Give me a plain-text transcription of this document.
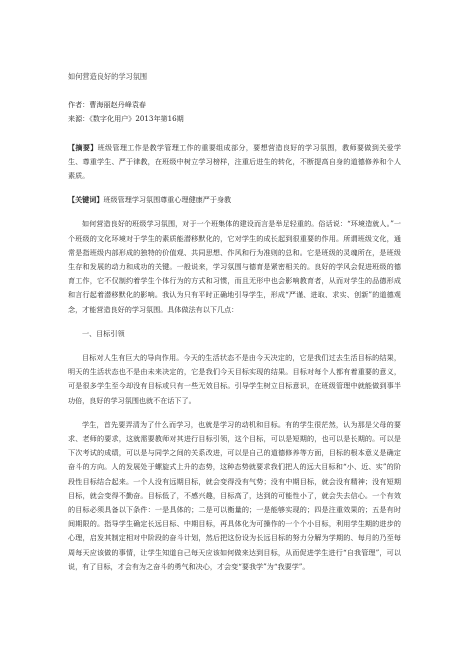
如何营造良好的学习氛围

作者：曹海丽赵丹峰袁春

来源：《数字化用户》2013年第16期

【摘要】班级管理工作是教学管理工作的重要组成部分，要想营造良好的学习氛围，教师要做到关爱学生、尊重学生、严于律教，在班级中树立学习榜样，注重后进生的转化，不断提高自身的道德修养和个人素质。

【关键词】班级管理学习氛围尊重心理健康严于身教

如何营造良好的班级学习氛围，对于一个班集体的建设而言是举足轻重的。俗话说：“环境造就人。”一个班级的文化环境对于学生的素质能潜移默化的，它对学生的成长起到很重要的作用。所谓班级文化，通常是指班级内部形成的独特的价值观、共同思想、作风和行为准则的总和。它是班级的灵魂所在，是班级生存和发展的动力和成功的关键。一般说来，学习氛围与德育是紧密相关的。良好的学风会促进班级的德育工作，它不仅制约着学生个体行为的方式和习惯，而且无形中也会影响教育者，从而对学生的品德形成和言行起着潜移默化的影响。我认为只有平时正确地引导学生，形成“严谨、进取、求实、创新”的道德观念，才能营造良好的学习氛围。具体做法有以下几点：

一、目标引领

目标对人生有巨大的导向作用。今天的生活状态不是由今天决定的，它是我们过去生活目标的结果，明天的生活状态也不是由未来决定的，它是我们今天目标实现的结果。目标对每个人都有着重要的意义，可是很多学生至今却没有目标或只有一些无效目标。引导学生树立目标意识，在班级管理中就能做到事半功倍，良好的学习氛围也就不在话下了。

学生，首先要弄清为了什么而学习，也就是学习的动机和目标。有的学生很茫然，认为那是父母的要求、老师的要求，这就需要教师对其进行目标引领，这个目标，可以是短期的，也可以是长期的。可以是下次考试的成绩，可以是与同学之间的关系改进，可以是自己的道德修养等方面，目标的根本意义是确定奋斗的方向。人的发展处于螺旋式上升的态势，这种态势就要求我们把人的远大目标和“小、近、实”的阶段性目标结合起来。一个人没有远期目标，就会变得没有气势；没有中期目标，就会没有精神；没有短期目标，就会变得不勤奋。目标低了，不感兴趣，目标高了，达到的可能性小了，就会失去信心。一个有效的目标必须具备以下条件：一是具体的；二是可以衡量的；一是能够实现的；四是注重效果的；五是有时间期限的。指导学生确定长远目标、中期目标，再具体化为可操作的一个个小目标，利用学生期的进步的心理，启发其制定相对中阶段的奋斗计划，然后把这份设为长远目标的努力分解为学期的、每月的乃至每周每天应该做的事情，让学生知道自己每天应该如何做来达到目标，从而促进学生进行“自我管理”，可以说，有了目标，才会有为之奋斗的勇气和决心，才会变“要我学”为“我要学”。
